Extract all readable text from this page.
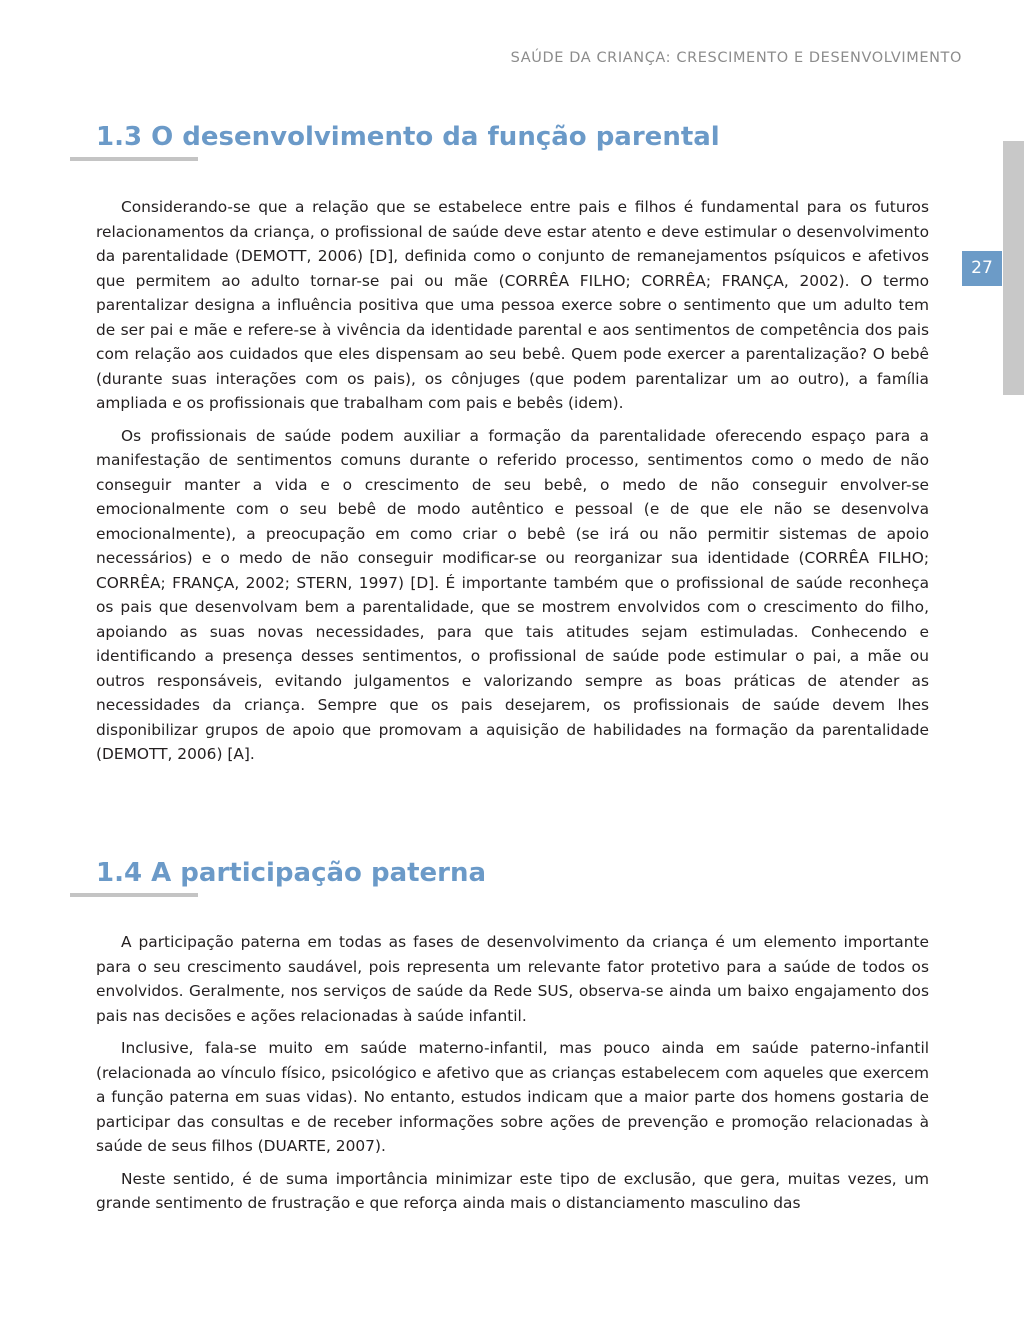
SAÚDE DA CRIANÇA: CRESCIMENTO E DESENVOLVIMENTO
27
1.3 O desenvolvimento da função parental

Considerando-se que a relação que se estabelece entre pais e filhos é fundamental para os futuros relacionamentos da criança, o profissional de saúde deve estar atento e deve estimular o desenvolvimento da parentalidade (DEMOTT, 2006) [D], definida como o conjunto de remanejamentos psíquicos e afetivos que permitem ao adulto tornar-se pai ou mãe (CORRÊA FILHO; CORRÊA; FRANÇA, 2002). O termo parentalizar designa a influência positiva que uma pessoa exerce sobre o sentimento que um adulto tem de ser pai e mãe e refere-se à vivência da identidade parental e aos sentimentos de competência dos pais com relação aos cuidados que eles dispensam ao seu bebê. Quem pode exercer a parentalização? O bebê (durante suas interações com os pais), os cônjuges (que podem parentalizar um ao outro), a família ampliada e os profissionais que trabalham com pais e bebês (idem).

Os profissionais de saúde podem auxiliar a formação da parentalidade oferecendo espaço para a manifestação de sentimentos comuns durante o referido processo, sentimentos como o medo de não conseguir manter a vida e o crescimento de seu bebê, o medo de não conseguir envolver-se emocionalmente com o seu bebê de modo autêntico e pessoal (e de que ele não se desenvolva emocionalmente), a preocupação em como criar o bebê (se irá ou não permitir sistemas de apoio necessários) e o medo de não conseguir modificar-se ou reorganizar sua identidade (CORRÊA FILHO; CORRÊA; FRANÇA, 2002; STERN, 1997) [D]. É importante também que o profissional de saúde reconheça os pais que desenvolvam bem a parentalidade, que se mostrem envolvidos com o crescimento do filho, apoiando as suas novas necessidades, para que tais atitudes sejam estimuladas. Conhecendo e identificando a presença desses sentimentos, o profissional de saúde pode estimular o pai, a mãe ou outros responsáveis, evitando julgamentos e valorizando sempre as boas práticas de atender as necessidades da criança. Sempre que os pais desejarem, os profissionais de saúde devem lhes disponibilizar grupos de apoio que promovam a aquisição de habilidades na formação da parentalidade (DEMOTT, 2006) [A].

1.4 A participação paterna

A participação paterna em todas as fases de desenvolvimento da criança é um elemento importante para o seu crescimento saudável, pois representa um relevante fator protetivo para a saúde de todos os envolvidos. Geralmente, nos serviços de saúde da Rede SUS, observa-se ainda um baixo engajamento dos pais nas decisões e ações relacionadas à saúde infantil.

Inclusive, fala-se muito em saúde materno-infantil, mas pouco ainda em saúde paterno-infantil (relacionada ao vínculo físico, psicológico e afetivo que as crianças estabelecem com aqueles que exercem a função paterna em suas vidas). No entanto, estudos indicam que a maior parte dos homens gostaria de participar das consultas e de receber informações sobre ações de prevenção e promoção relacionadas à saúde de seus filhos (DUARTE, 2007).

Neste sentido, é de suma importância minimizar este tipo de exclusão, que gera, muitas vezes, um grande sentimento de frustração e que reforça ainda mais o distanciamento masculino das
